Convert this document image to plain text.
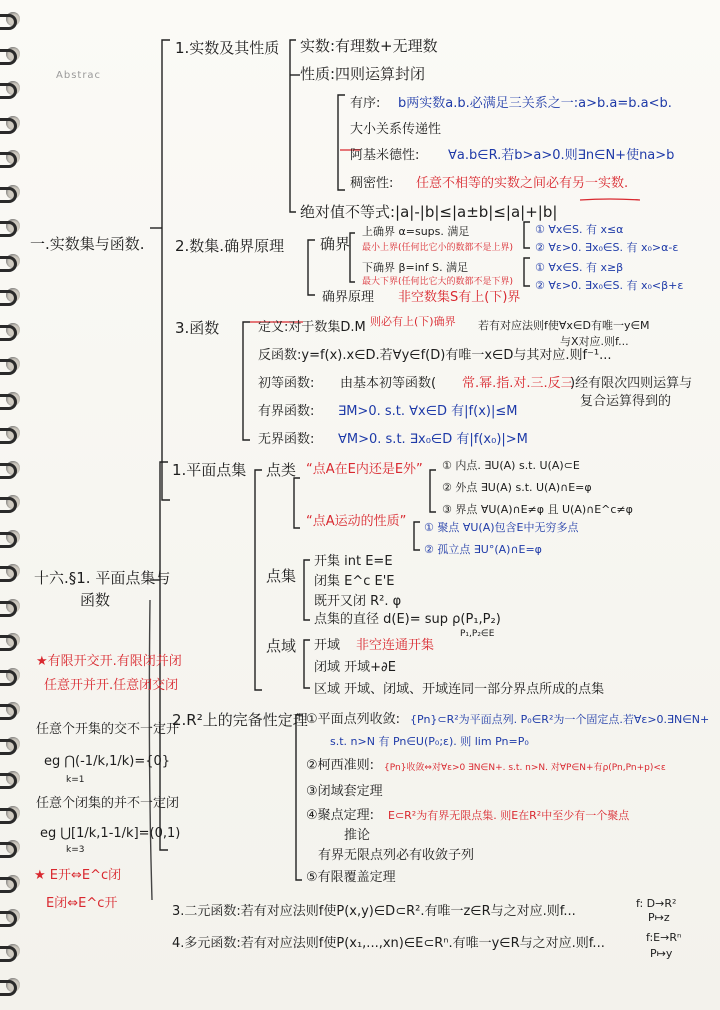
Abstrac
一.实数集与函数.
1.实数及其性质 实数:有理数+无理数
性质:四则运算封闭
有序: b两实数a.b.必满足三关系之一:a>b.a=b.a<b.
大小关系传递性
阿基米德性: ∀a.b∈R.若b>a>0.则∃n∈N+使na>b
稠密性: 任意不相等的实数之间必有另一实数.
绝对值不等式:|a|-|b|≤|a±b|≤|a|+|b|
2.数集.确界原理 确界
上确界 α=sups. 满足
最小上界(任何比它小的数都不是上界)
下确界 β=inf S. 满足
最大下界(任何比它大的数都不是下界)
① ∀x∈S. 有 x≤α
② ∀ε>0. ∃x₀∈S. 有 x₀>α-ε
① ∀x∈S. 有 x≥β
② ∀ε>0. ∃x₀∈S. 有 x₀<β+ε
确界原理 非空数集S有上(下)界
3.函数	定义:对于数集D.M 则必有上(下)确界 若有对应法则f使∀x∈D有唯一y∈M
与X对应.则f...
反函数:y=f(x).x∈D.若∀y∈f(D)有唯一x∈D与其对应.则f⁻¹...
初等函数: 由基本初等函数( 常.幂.指.对.三.反三
)经有限次四则运算与
复合运算得到的
有界函数: ∃M>0. s.t. ∀x∈D 有|f(x)|≤M
无界函数: ∀M>0. s.t. ∃x₀∈D 有|f(x₀)|>M
十六.§1. 平面点集与
函数
1.平面点集 点类 “点A在E内还是E外” ① 内点. ∃U(A) s.t. U(A)⊂E
② 外点 ∃U(A) s.t. U(A)∩E=φ
③ 界点 ∀U(A)∩E≠φ 且 U(A)∩E^c≠φ
“点A运动的性质” ① 聚点 ∀U(A)包含E中无穷多点
② 孤立点 ∃U°(A)∩E=φ
点集
开集 int E=E
闭集 E^c E'E
既开又闭 R². φ
点集的直径 d(E)= sup ρ(P₁,P₂)
P₁,P₂∈E
点域 开域 非空连通开集
闭域 开域+∂E
区域 开域、闭域、开域连同一部分界点所成的点集
2.R²上的完备性定理
①平面点列收敛: {Pn}⊂R²为平面点列. P₀∈R²为一个固定点.若∀ε>0.∃N∈N+
s.t. n>N 有 Pn∈U(P₀;ε). 则 lim Pn=P₀
②柯西准则: {Pn}收敛⇔对∀ε>0 ∃N∈N+. s.t. n>N. 对∀P∈N+有ρ(Pn,Pn+p)<ε
③闭域套定理
④聚点定理: E⊂R²为有界无限点集. 则E在R²中至少有一个聚点
推论
有界无限点列必有收敛子列
⑤有限覆盖定理
3.二元函数:若有对应法则f使P(x,y)∈D⊂R².有唯一z∈R与之对应.则f...
f: D→R²
P↦z
4.多元函数:若有对应法则f使P(x₁,...,xn)∈E⊂Rⁿ.有唯一y∈R与之对应.则f...	f:E→Rⁿ
P↦y
★有限开交开.有限闭并闭
任意开并开.任意闭交闭
任意个开集的交不一定开
eg ⋂(-1/k,1/k)={0}
k=1
任意个闭集的并不一定闭
eg ⋃[1/k,1-1/k]=(0,1)
k=3
★ E开⇔E^c闭
E闭⇔E^c开
